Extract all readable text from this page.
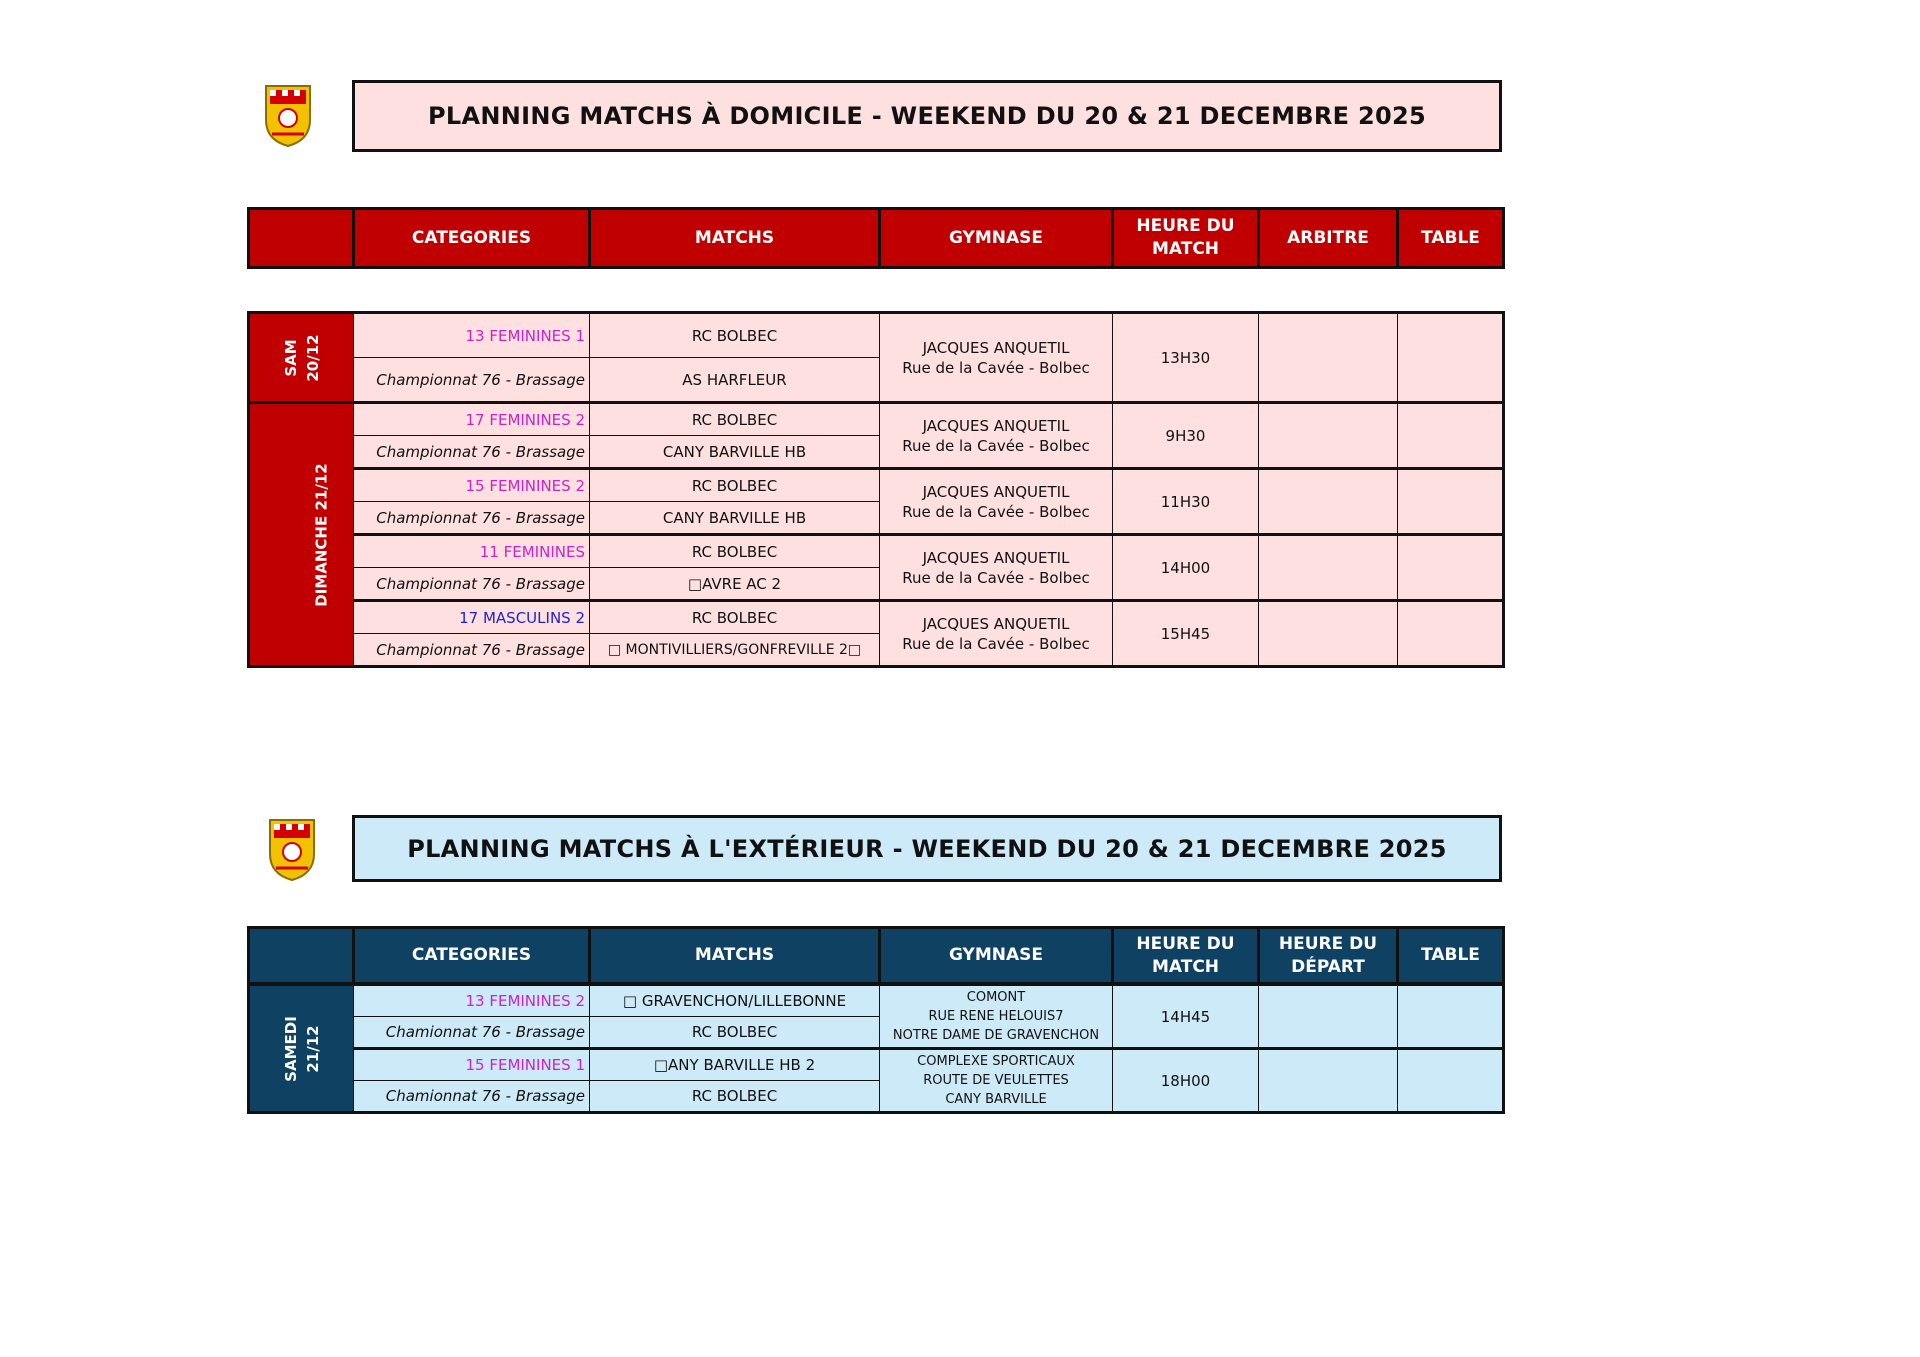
PLANNING MATCHS À DOMICILE - WEEKEND DU 20 & 21 DECEMBRE 2025
	CATEGORIES	MATCHS	GYMNASE	HEURE DU MATCH	ARBITRE	TABLE
SAM 20/12	13 FEMININES 1	RC BOLBEC	JACQUES ANQUETIL
Rue de la Cavée - Bolbec	13H30		
	Championnat 76 - Brassage	AS HARFLEUR				
DIMANCHE 21/12	17 FEMININES 2	RC BOLBEC	JACQUES ANQUETIL
Rue de la Cavée - Bolbec	9H30		
	Championnat 76 - Brassage	CANY BARVILLE HB				
	15 FEMININES 2	RC BOLBEC	JACQUES ANQUETIL
Rue de la Cavée - Bolbec	11H30		
	Championnat 76 - Brassage	CANY BARVILLE HB				
	11 FEMININES	RC BOLBEC	JACQUES ANQUETIL
Rue de la Cavée - Bolbec	14H00		
	Championnat 76 - Brassage	□AVRE AC 2				
	17 MASCULINS 2	RC BOLBEC	JACQUES ANQUETIL
Rue de la Cavée - Bolbec	15H45		
	Championnat 76 - Brassage	□ MONTIVILLIERS/GONFREVILLE 2□				
PLANNING MATCHS À L'EXTÉRIEUR - WEEKEND DU 20 & 21 DECEMBRE 2025
	CATEGORIES	MATCHS	GYMNASE	HEURE DU MATCH	HEURE DU DÉPART	TABLE
SAMEDI 21/12	13 FEMININES 2	□ GRAVENCHON/LILLEBONNE	COMONT
RUE RENE HELOUIS7
NOTRE DAME DE GRAVENCHON	14H45		
	Chamionnat 76 - Brassage	RC BOLBEC				
	15 FEMININES 1	□ANY BARVILLE HB 2	COMPLEXE SPORTICAUX
ROUTE DE VEULETTES
CANY BARVILLE	18H00		
	Chamionnat 76 - Brassage	RC BOLBEC				
